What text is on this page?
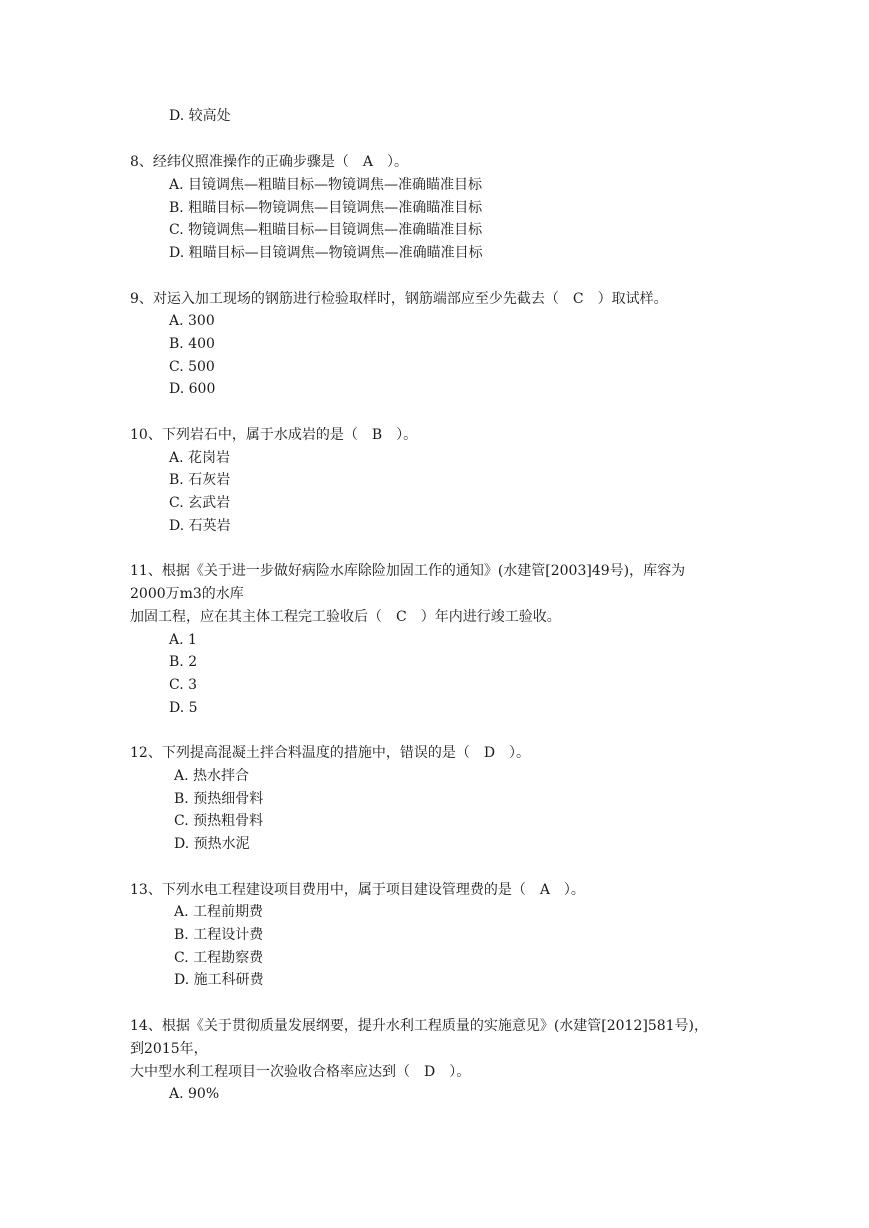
D. 较高处
8、经纬仪照准操作的正确步骤是（　A　）。
A. 目镜调焦—粗瞄目标—物镜调焦—准确瞄准目标
B. 粗瞄目标—物镜调焦—目镜调焦—准确瞄准目标
C. 物镜调焦—粗瞄目标—目镜调焦—准确瞄准目标
D. 粗瞄目标—目镜调焦—物镜调焦—准确瞄准目标
9、对运入加工现场的钢筋进行检验取样时，钢筋端部应至少先截去（　C　）取试样。
A. 300
B. 400
C. 500
D. 600
10、下列岩石中，属于水成岩的是（　B　）。
A. 花岗岩
B. 石灰岩
C. 玄武岩
D. 石英岩
11、根据《关于进一步做好病险水库除险加固工作的通知》(水建管[2003]49号)，库容为
2000万m3的水库
加固工程，应在其主体工程完工验收后（　C　）年内进行竣工验收。
A. 1
B. 2
C. 3
D. 5
12、下列提高混凝土拌合料温度的措施中，错误的是（　D　）。
A. 热水拌合
B. 预热细骨料
C. 预热粗骨料
D. 预热水泥
13、下列水电工程建设项目费用中，属于项目建设管理费的是（　A　）。
A. 工程前期费
B. 工程设计费
C. 工程勘察费
D. 施工科研费
14、根据《关于贯彻质量发展纲要，提升水利工程质量的实施意见》(水建管[2012]581号)，
到2015年，
大中型水利工程项目一次验收合格率应达到（　D　）。
A. 90%
